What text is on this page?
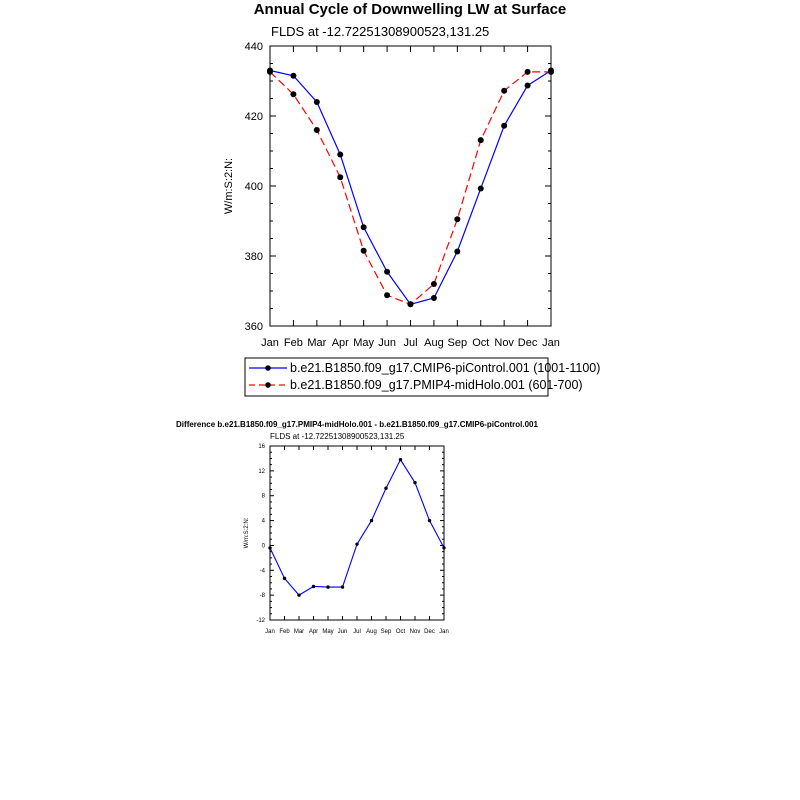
Annual Cycle of Downwelling LW at Surface
FLDS at -12.72251308900523,131.25
W/m:S:2:N:
Jan Feb Mar Apr May Jun Jul Aug Sep Oct Nov Dec Jan
360
380
400
420
440
b.e21.B1850.f09_g17.CMIP6-piControl.001 (1001-1100)
b.e21.B1850.f09_g17.PMIP4-midHolo.001 (601-700)
Difference b.e21.B1850.f09_g17.PMIP4-midHolo.001 - b.e21.B1850.f09_g17.CMIP6-piControl.001
FLDS at -12.72251308900523,131.25
W/m:S:2:N:
Jan Feb Mar Apr May Jun Jul Aug Sep Oct Nov Dec Jan
-12
-8
-4
0
4
8
12
16
